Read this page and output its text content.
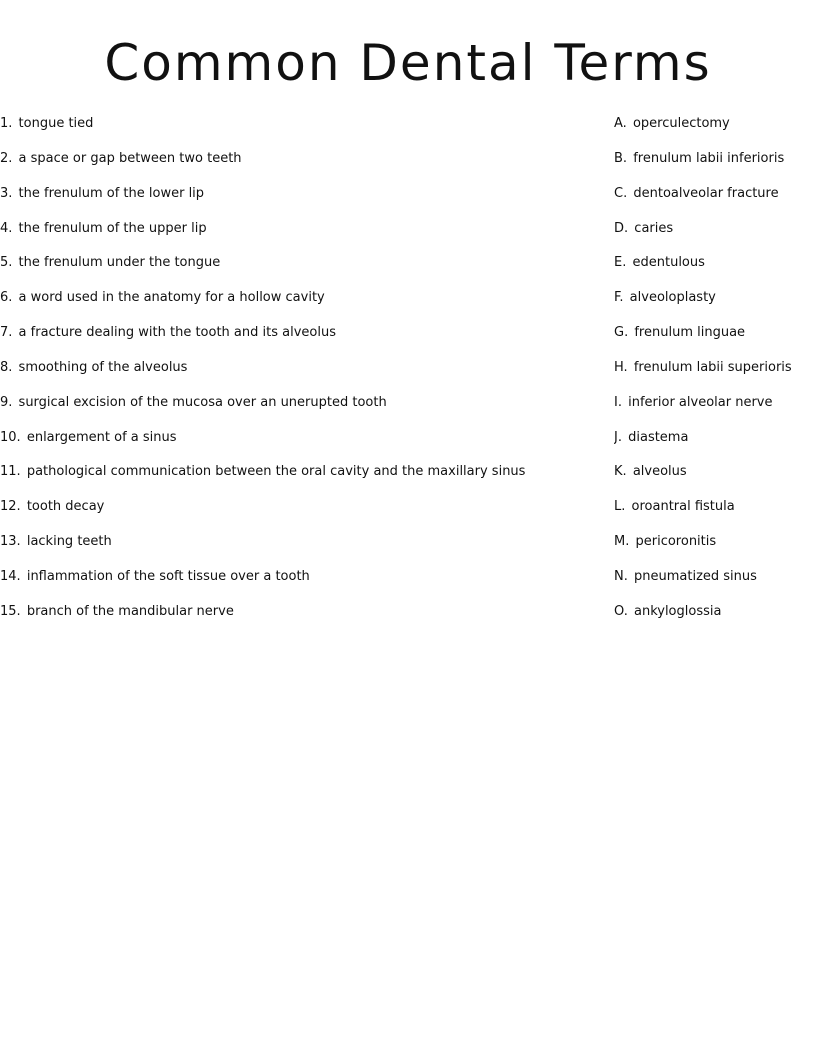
Common Dental Terms
1. tongue tied
2. a space or gap between two teeth
3. the frenulum of the lower lip
4. the frenulum of the upper lip
5. the frenulum under the tongue
6. a word used in the anatomy for a hollow cavity
7. a fracture dealing with the tooth and its alveolus
8. smoothing of the alveolus
9. surgical excision of the mucosa over an unerupted tooth
10. enlargement of a sinus
11. pathological communication between the oral cavity and the maxillary sinus
12. tooth decay
13. lacking teeth
14. inflammation of the soft tissue over a tooth
15. branch of the mandibular nerve
A. operculectomy
B. frenulum labii inferioris
C. dentoalveolar fracture
D. caries
E. edentulous
F. alveoloplasty
G. frenulum linguae
H. frenulum labii superioris
I. inferior alveolar nerve
J. diastema
K. alveolus
L. oroantral fistula
M. pericoronitis
N. pneumatized sinus
O. ankyloglossia
